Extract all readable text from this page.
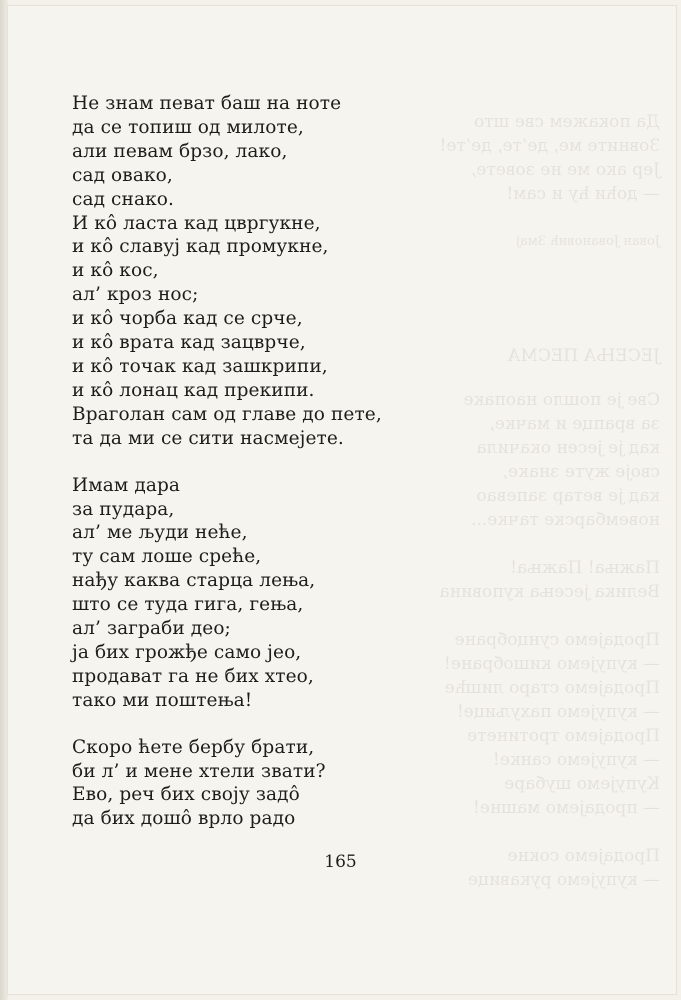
Да покажем све што
Зовните ме, де’те, де’те!
Јер ако ме не зовете,
— доћи ћу и сам!
Јован Јовановић Змај
ЈЕСЕЊА ПЕСМА
Све је пошло наопаке
за врапце и мачке,
кад је јесен окачила
своје жуте знаке,
кад је ветар запевао
новембарске тачке...
Пажња! Пажња!
Велика јесења куповина
Продајемо сунцобране
— купујемо кишобране!
Продајемо старо лишће
— купујемо пахуљице!
Продајемо тротинете
— купујемо санке!
Купујемо шубаре
— продајемо машне!
Продајемо сокне
— купујемо рукавице
Не знам певат баш на ноте
да се топиш од милоте,
али певам брзо, лако,
сад овако,
сад снако.
И кô ласта кад цвргукне,
и кô славуј кад промукне,
и кô кос,
ал’ кроз нос;
и кô чорба кад се срче,
и кô врата кад зацврче,
и кô точак кад зашкрипи,
и кô лонац кад прекипи.
Враголан сам од главе до пете,
та да ми се сити насмејете.
Имам дара
за пудара,
ал’ ме људи неће,
ту сам лоше среће,
нађу каква старца лења,
што се туда гига, гења,
ал’ заграби део;
ја бих грожђе само јео,
продават га не бих хтео,
тако ми поштења!
Скоро ћете бербу брати,
би л’ и мене хтели звати?
Ево, реч бих своју задô
да бих дошô врло радо
165
